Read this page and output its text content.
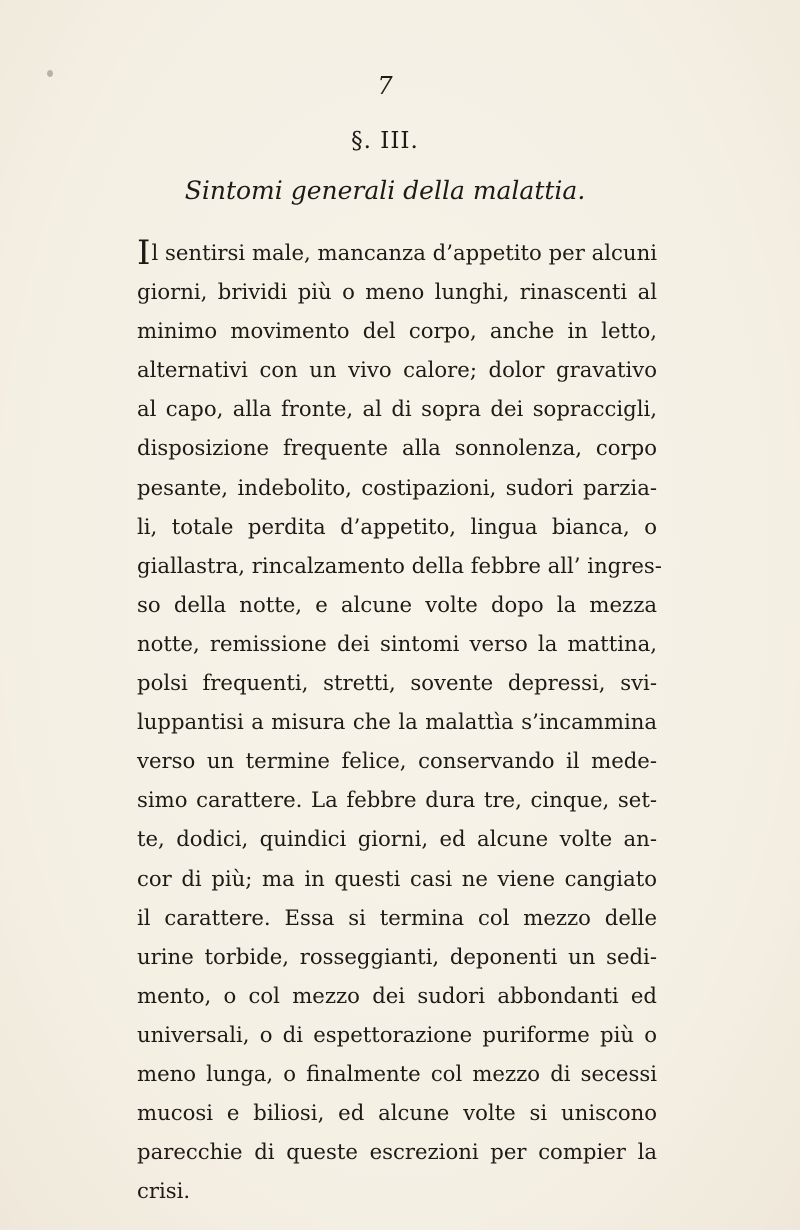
7
§. III.
Sintomi generali della malattia.
Il sentirsi male, mancanza d’appetito per alcuni
giorni, brividi più o meno lunghi, rinascenti al
minimo movimento del corpo, anche in letto,
alternativi con un vivo calore; dolor gravativo
al capo, alla fronte, al di sopra dei sopraccigli,
disposizione frequente alla sonnolenza, corpo
pesante, indebolito, costipazioni, sudori parzia-
li, totale perdita d’appetito, lingua bianca, o
giallastra, rincalzamento della febbre all’ ingres-
so della notte, e alcune volte dopo la mezza
notte, remissione dei sintomi verso la mattina,
polsi frequenti, stretti, sovente depressi, svi-
luppantisi a misura che la malattìa s’incammina
verso un termine felice, conservando il mede-
simo carattere. La febbre dura tre, cinque, set-
te, dodici, quindici giorni, ed alcune volte an-
cor di più; ma in questi casi ne viene cangiato
il carattere. Essa si termina col mezzo delle
urine torbide, rosseggianti, deponenti un sedi-
mento, o col mezzo dei sudori abbondanti ed
universali, o di espettorazione puriforme più o
meno lunga, o finalmente col mezzo di secessi
mucosi e biliosi, ed alcune volte si uniscono
parecchie di queste escrezioni per compier la
crisi.
